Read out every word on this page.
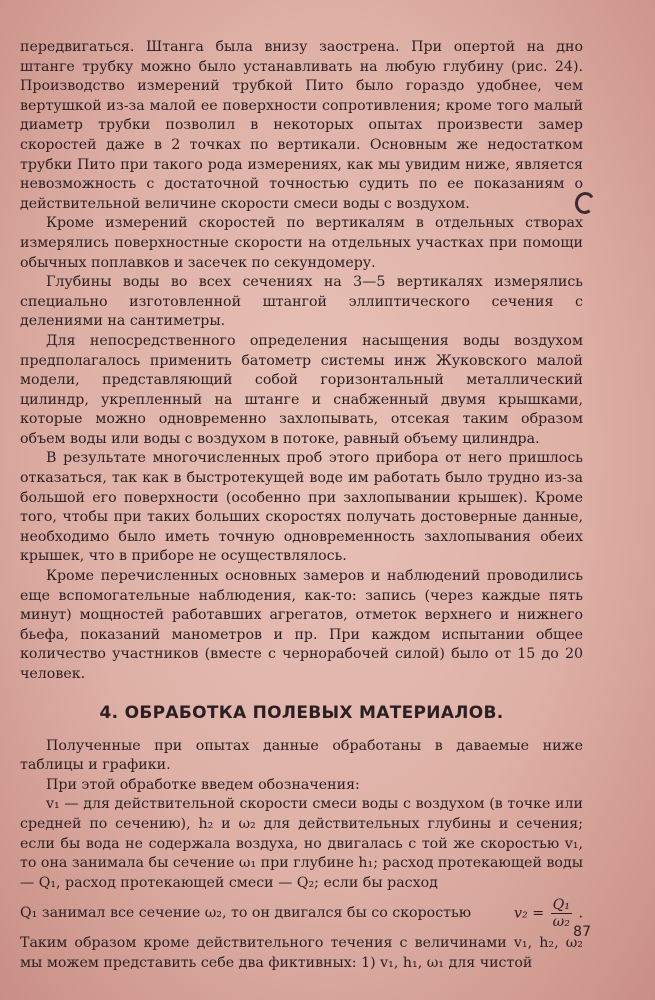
передвигаться. Штанга была внизу заострена. При опертой на дно штанге трубку можно было устанавливать на любую глубину (рис. 24). Производство измерений трубкой Пито было гораздо удобнее, чем вертушкой из-за малой ее поверхности сопротивления; кроме того малый диаметр трубки позволил в некоторых опытах произвести замер скоростей даже в 2 точках по вертикали. Основным же недостатком трубки Пито при такого рода измерениях, как мы увидим ниже, является невозможность с достаточной точностью судить по ее показаниям о действительной величине скорости смеси воды с воздухом.

Кроме измерений скоростей по вертикалям в отдельных створах измерялись поверхностные скорости на отдельных участках при помощи обычных поплавков и засечек по секундомеру.

Глубины воды во всех сечениях на 3—5 вертикалях измерялись специально изготовленной штангой эллиптического сечения с делениями на сантиметры.

Для непосредственного определения насыщения воды воздухом предполагалось применить батометр системы инж Жуковского малой модели, представляющий собой горизонтальный металлический цилиндр, укрепленный на штанге и снабженный двумя крышками, которые можно одновременно захлопывать, отсекая таким образом объем воды или воды с воздухом в потоке, равный объему цилиндра.

В результате многочисленных проб этого прибора от него пришлось отказаться, так как в быстротекущей воде им работать было трудно из-за большой его поверхности (особенно при захлопывании крышек). Кроме того, чтобы при таких больших скоростях получать достоверные данные, необходимо было иметь точную одновременность захлопывания обеих крышек, что в приборе не осуществлялось.

Кроме перечисленных основных замеров и наблюдений проводились еще вспомогательные наблюдения, как-то: запись (через каждые пять минут) мощностей работавших агрегатов, отметок верхнего и нижнего бьефа, показаний манометров и пр. При каждом испытании общее количество участников (вместе с чернорабочей силой) было от 15 до 20 человек.

4. ОБРАБОТКА ПОЛЕВЫХ МАТЕРИАЛОВ.

Полученные при опытах данные обработаны в даваемые ниже таблицы и графики.

При этой обработке введем обозначения:

v₁ — для действительной скорости смеси воды с воздухом (в точке или средней по сечению), h₂ и ω₂ для действительных глубины и сечения; если бы вода не содержала воздуха, но двигалась с той же скоростью v₁, то она занимала бы сечение ω₁ при глубине h₁; расход протекающей воды — Q₁, расход протекающей смеси — Q₂; если бы расход

Q₁ занимал все сечение ω₂, то он двигался бы со скоростью	$v_2 = \frac{\text{Q₁}}{\text{ω₂}}$ .

Таким образом кроме действительного течения с величинами v₁, h₂, ω₂ мы можем представить себе два фиктивных: 1) v₁, h₁, ω₁ для чистой

87
